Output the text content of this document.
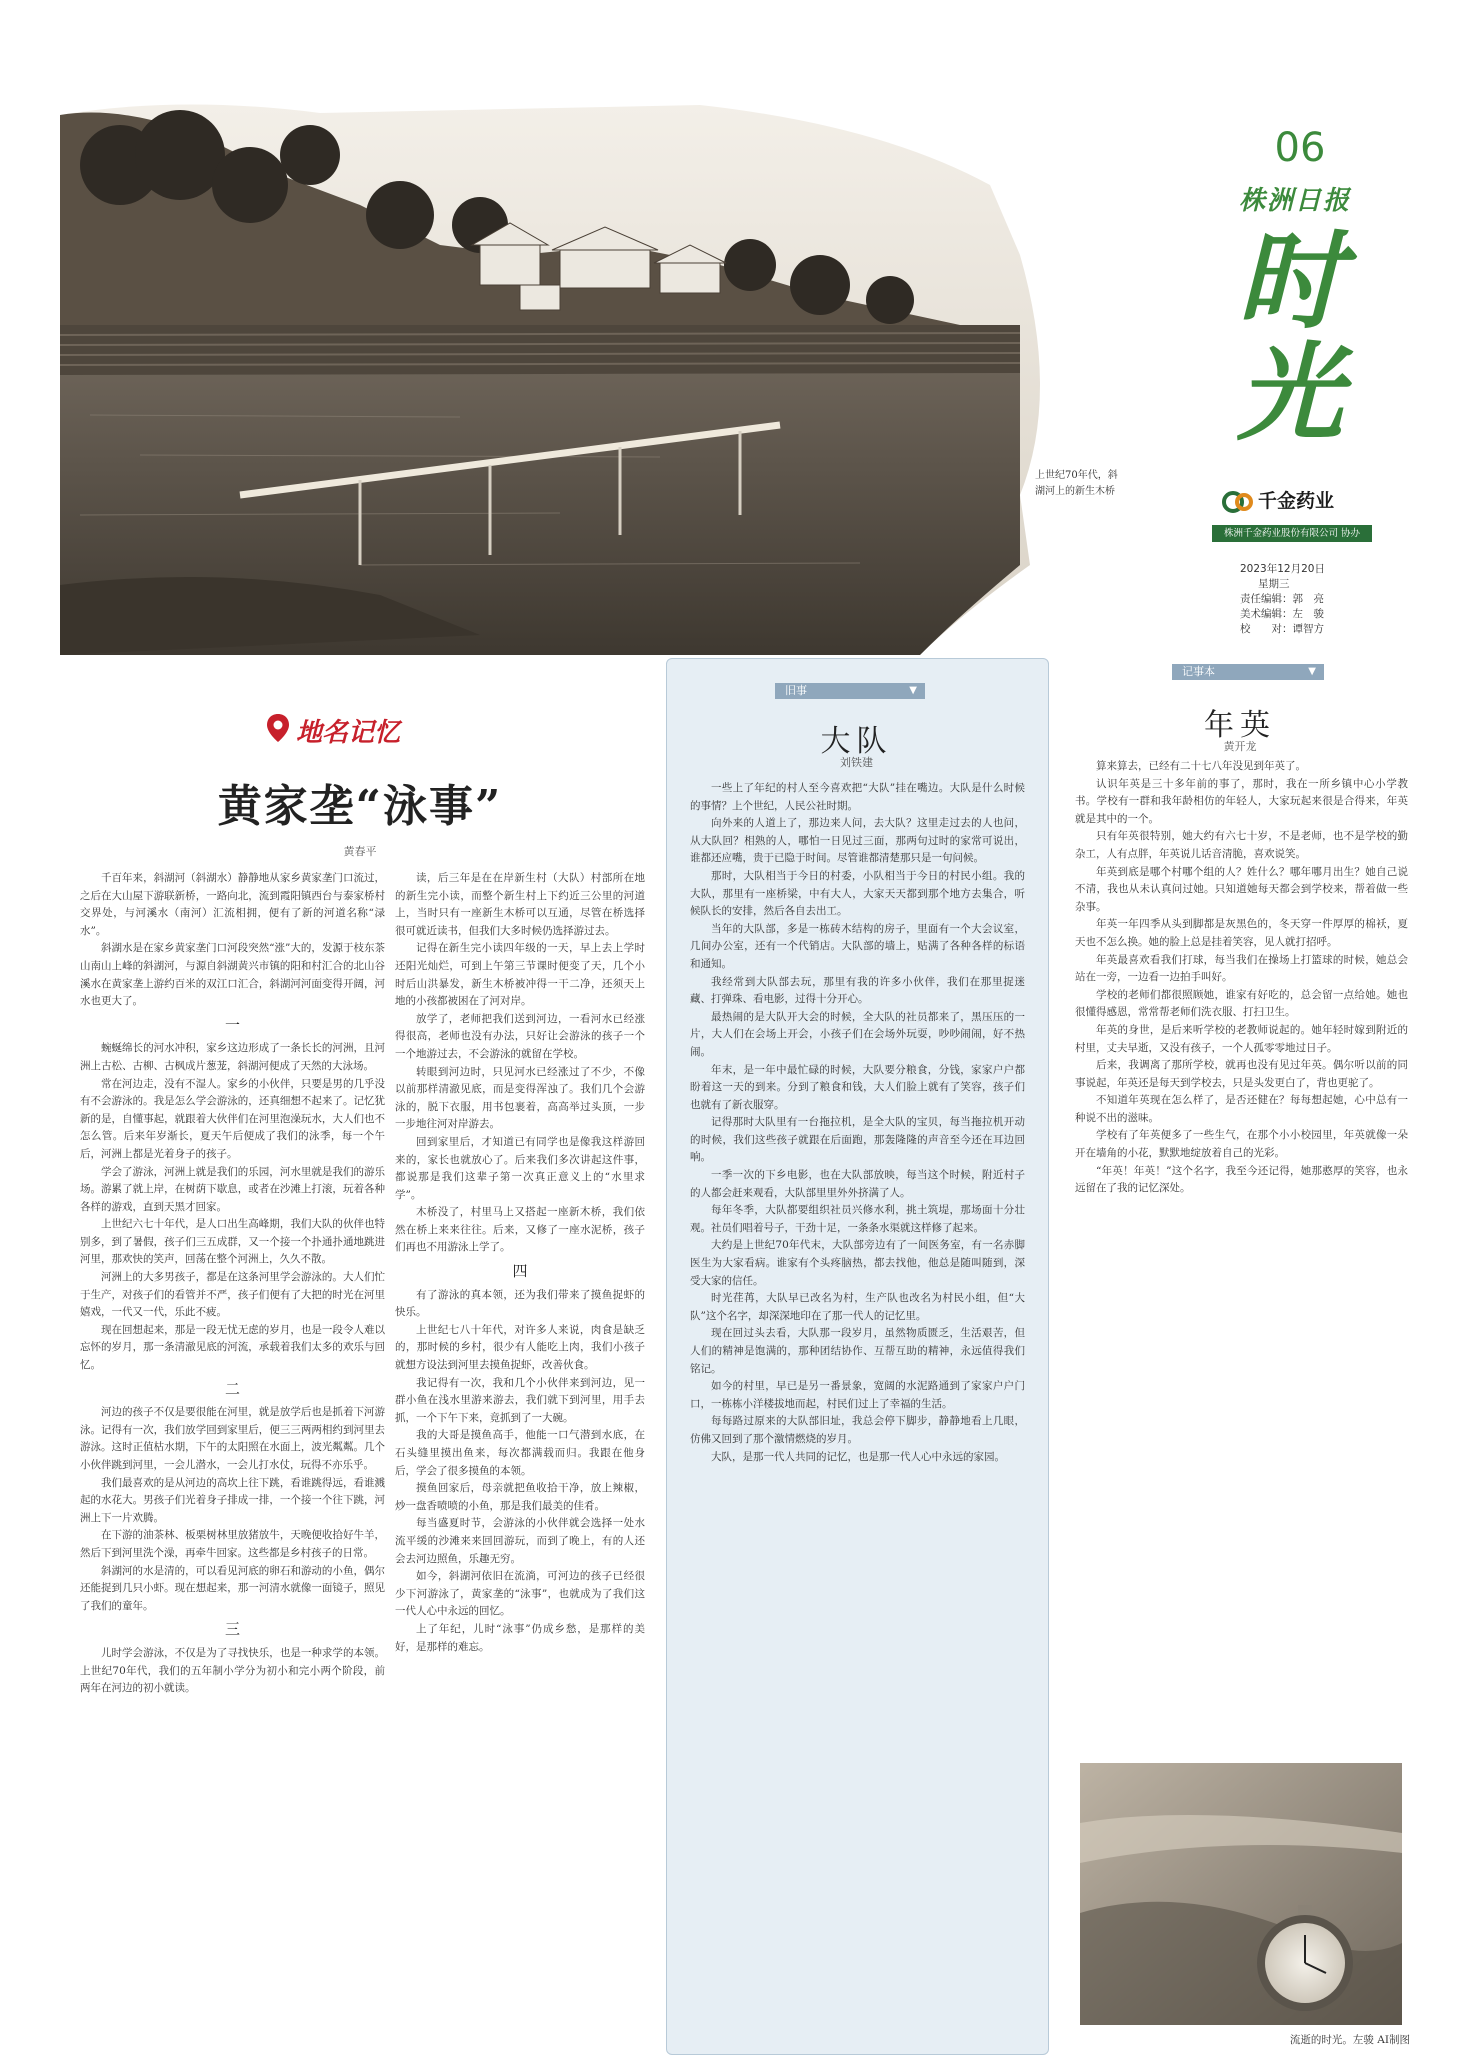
上世纪70年代，斜湖河上的新生木桥
06
株洲日报
时光
千金药业
株洲千金药业股份有限公司 协办
2023年12月20日
星期三
责任编辑：郭　亮
美术编辑：左　骏
校　　对：谭智方
地名记忆
黄家垄“泳事”
黄春平

千百年来，斜湖河（斜湖水）静静地从家乡黄家垄门口流过，之后在大山屋下游联新桥，一路向北，流到霞阳镇西台与泰家桥村交界处，与河溪水（南河）汇流相拥，便有了新的河道名称“渌水”。

斜湖水是在家乡黄家垄门口河段突然“涨”大的，发源于枝东茶山南山上峰的斜湖河，与源自斜湖黄兴市镇的阳和村汇合的北山谷溪水在黄家垄上游约百米的双江口汇合，斜湖河河面变得开阔，河水也更大了。

一

蜿蜒绵长的河水冲积，家乡这边形成了一条长长的河洲，且河洲上古松、古柳、古枫成片葱茏，斜湖河便成了天然的大泳场。

常在河边走，没有不湿人。家乡的小伙伴，只要是男的几乎没有不会游泳的。我是怎么学会游泳的，还真细想不起来了。记忆犹新的是，自懂事起，就跟着大伙伴们在河里泡澡玩水，大人们也不怎么管。后来年岁渐长，夏天午后便成了我们的泳季，每一个午后，河洲上都是光着身子的孩子。

学会了游泳，河洲上就是我们的乐园，河水里就是我们的游乐场。游累了就上岸，在树荫下歇息，或者在沙滩上打滚，玩着各种各样的游戏，直到天黑才回家。

上世纪六七十年代，是人口出生高峰期，我们大队的伙伴也特别多，到了暑假，孩子们三五成群，又一个接一个扑通扑通地跳进河里，那欢快的笑声，回荡在整个河洲上，久久不散。

河洲上的大多男孩子，都是在这条河里学会游泳的。大人们忙于生产，对孩子们的看管并不严，孩子们便有了大把的时光在河里嬉戏，一代又一代，乐此不疲。

现在回想起来，那是一段无忧无虑的岁月，也是一段令人难以忘怀的岁月，那一条清澈见底的河流，承载着我们太多的欢乐与回忆。

二

河边的孩子不仅是要很能在河里，就是放学后也是抓着下河游泳。记得有一次，我们放学回到家里后，便三三两两相约到河里去游泳。这时正值枯水期，下午的太阳照在水面上，波光粼粼。几个小伙伴跳到河里，一会儿潜水，一会儿打水仗，玩得不亦乐乎。

我们最喜欢的是从河边的高坎上往下跳，看谁跳得远，看谁溅起的水花大。男孩子们光着身子排成一排，一个接一个往下跳，河洲上下一片欢腾。

在下游的油茶林、板栗树林里放猪放牛，天晚便收拾好牛羊，然后下到河里洗个澡，再牵牛回家。这些都是乡村孩子的日常。

斜湖河的水是清的，可以看见河底的卵石和游动的小鱼，偶尔还能捉到几只小虾。现在想起来，那一河清水就像一面镜子，照见了我们的童年。

三

儿时学会游泳，不仅是为了寻找快乐，也是一种求学的本领。上世纪70年代，我们的五年制小学分为初小和完小两个阶段，前两年在河边的初小就读。

读，后三年是在在岸新生村（大队）村部所在地的新生完小读，而整个新生村上下约近三公里的河道上，当时只有一座新生木桥可以互通，尽管在桥选择很可就近读书，但我们大多时候仍选择游过去。

记得在新生完小读四年级的一天，早上去上学时还阳光灿烂，可到上午第三节课时便变了天，几个小时后山洪暴发，新生木桥被冲得一干二净，还须天上地的小孩都被困在了河对岸。

放学了，老师把我们送到河边，一看河水已经涨得很高，老师也没有办法，只好让会游泳的孩子一个一个地游过去，不会游泳的就留在学校。

转眼到河边时，只见河水已经涨过了不少，不像以前那样清澈见底，而是变得浑浊了。我们几个会游泳的，脱下衣服，用书包裹着，高高举过头顶，一步一步地往河对岸游去。

回到家里后，才知道已有同学也是像我这样游回来的，家长也就放心了。后来我们多次讲起这件事，都说那是我们这辈子第一次真正意义上的“水里求学”。

木桥没了，村里马上又搭起一座新木桥，我们依然在桥上来来往往。后来，又修了一座水泥桥，孩子们再也不用游泳上学了。

四

有了游泳的真本领，还为我们带来了摸鱼捉虾的快乐。

上世纪七八十年代，对许多人来说，肉食是缺乏的，那时候的乡村，很少有人能吃上肉，我们小孩子就想方设法到河里去摸鱼捉虾，改善伙食。

我记得有一次，我和几个小伙伴来到河边，见一群小鱼在浅水里游来游去，我们就下到河里，用手去抓，一个下午下来，竟抓到了一大碗。

我的大哥是摸鱼高手，他能一口气潜到水底，在石头缝里摸出鱼来，每次都满载而归。我跟在他身后，学会了很多摸鱼的本领。

摸鱼回家后，母亲就把鱼收拾干净，放上辣椒，炒一盘香喷喷的小鱼，那是我们最美的佳肴。

每当盛夏时节，会游泳的小伙伴就会选择一处水流平缓的沙滩来来回回游玩，而到了晚上，有的人还会去河边照鱼，乐趣无穷。

如今，斜湖河依旧在流淌，可河边的孩子已经很少下河游泳了，黄家垄的“泳事”，也就成为了我们这一代人心中永远的回忆。

上了年纪，儿时“泳事”仍成乡愁，是那样的美好，是那样的难忘。

旧事	▼
大队
刘铁建

一些上了年纪的村人至今喜欢把“大队”挂在嘴边。大队是什么时候的事情？上个世纪，人民公社时期。

向外来的人道上了，那边来人问，去大队？这里走过去的人也问，从大队回？相熟的人，哪怕一日见过三面，那两句过时的家常可说出，谁都还应嘴，贵于已隐于时间。尽管谁都清楚那只是一句问候。

那时，大队相当于今日的村委，小队相当于今日的村民小组。我的大队，那里有一座桥梁，中有大人，大家天天都到那个地方去集合，听候队长的安排，然后各自去出工。

当年的大队部，多是一栋砖木结构的房子，里面有一个大会议室，几间办公室，还有一个代销店。大队部的墙上，贴满了各种各样的标语和通知。

我经常到大队部去玩，那里有我的许多小伙伴，我们在那里捉迷藏、打弹珠、看电影，过得十分开心。

最热闹的是大队开大会的时候，全大队的社员都来了，黑压压的一片，大人们在会场上开会，小孩子们在会场外玩耍，吵吵闹闹，好不热闹。

年末，是一年中最忙碌的时候，大队要分粮食，分钱，家家户户都盼着这一天的到来。分到了粮食和钱，大人们脸上就有了笑容，孩子们也就有了新衣服穿。

记得那时大队里有一台拖拉机，是全大队的宝贝，每当拖拉机开动的时候，我们这些孩子就跟在后面跑，那轰隆隆的声音至今还在耳边回响。

一季一次的下乡电影，也在大队部放映，每当这个时候，附近村子的人都会赶来观看，大队部里里外外挤满了人。

每年冬季，大队都要组织社员兴修水利，挑土筑堤，那场面十分壮观。社员们唱着号子，干劲十足，一条条水渠就这样修了起来。

大约是上世纪70年代末，大队部旁边有了一间医务室，有一名赤脚医生为大家看病。谁家有个头疼脑热，都去找他，他总是随叫随到，深受大家的信任。

时光荏苒，大队早已改名为村，生产队也改名为村民小组，但“大队”这个名字，却深深地印在了那一代人的记忆里。

现在回过头去看，大队那一段岁月，虽然物质匮乏，生活艰苦，但人们的精神是饱满的，那种团结协作、互帮互助的精神，永远值得我们铭记。

如今的村里，早已是另一番景象，宽阔的水泥路通到了家家户户门口，一栋栋小洋楼拔地而起，村民们过上了幸福的生活。

每每路过原来的大队部旧址，我总会停下脚步，静静地看上几眼，仿佛又回到了那个激情燃烧的岁月。

大队，是那一代人共同的记忆，也是那一代人心中永远的家园。

记事本	▼
年英
黄开龙

算来算去，已经有二十七八年没见到年英了。

认识年英是三十多年前的事了，那时，我在一所乡镇中心小学教书。学校有一群和我年龄相仿的年轻人，大家玩起来很是合得来，年英就是其中的一个。

只有年英很特别，她大约有六七十岁，不是老师，也不是学校的勤杂工，人有点胖，年英说儿话音清脆，喜欢说笑。

年英到底是哪个村哪个组的人？姓什么？哪年哪月出生？她自己说不清，我也从未认真问过她。只知道她每天都会到学校来，帮着做一些杂事。

年英一年四季从头到脚都是灰黑色的，冬天穿一件厚厚的棉袄，夏天也不怎么换。她的脸上总是挂着笑容，见人就打招呼。

年英最喜欢看我们打球，每当我们在操场上打篮球的时候，她总会站在一旁，一边看一边拍手叫好。

学校的老师们都很照顾她，谁家有好吃的，总会留一点给她。她也很懂得感恩，常常帮老师们洗衣服、打扫卫生。

年英的身世，是后来听学校的老教师说起的。她年轻时嫁到附近的村里，丈夫早逝，又没有孩子，一个人孤零零地过日子。

后来，我调离了那所学校，就再也没有见过年英。偶尔听以前的同事说起，年英还是每天到学校去，只是头发更白了，背也更驼了。

不知道年英现在怎么样了，是否还健在？每每想起她，心中总有一种说不出的滋味。

学校有了年英便多了一些生气，在那个小小校园里，年英就像一朵开在墙角的小花，默默地绽放着自己的光彩。

“年英！年英！”这个名字，我至今还记得，她那憨厚的笑容，也永远留在了我的记忆深处。

流逝的时光。左骏 AI制图
